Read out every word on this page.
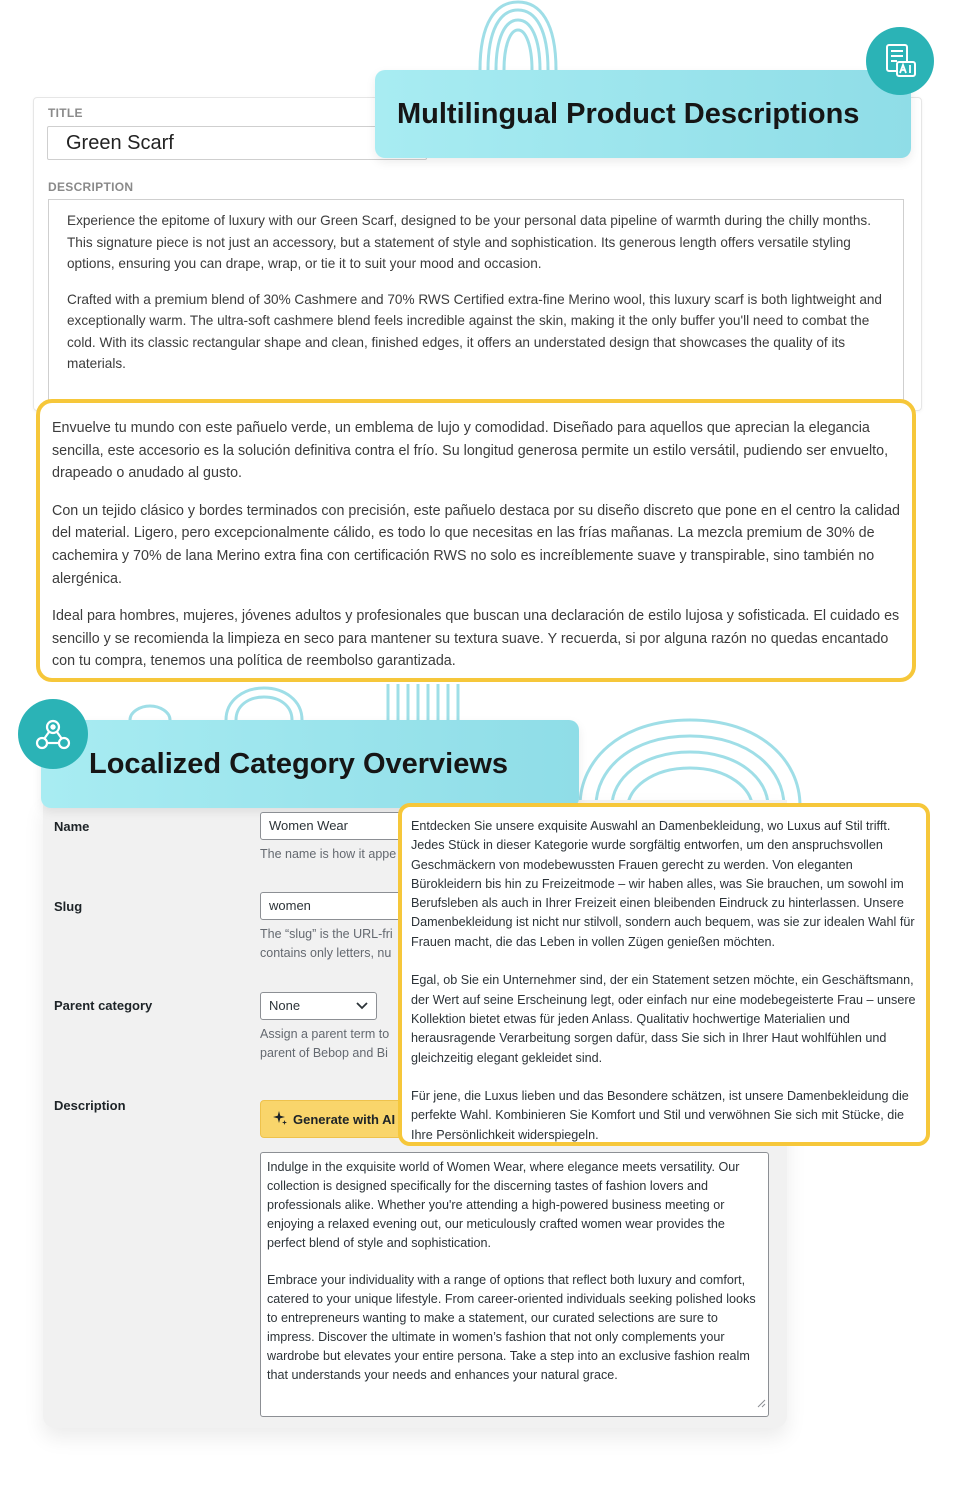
TITLE
Green Scarf
DESCRIPTION

Experience the epitome of luxury with our Green Scarf, designed to be your personal data pipeline of warmth during the chilly months. This signature piece is not just an accessory, but a statement of style and sophistication. Its generous length offers versatile styling options, ensuring you can drape, wrap, or tie it to suit your mood and occasion.

Crafted with a premium blend of 30% Cashmere and 70% RWS Certified extra-fine Merino wool, this luxury scarf is both lightweight and exceptionally warm. The ultra-soft cashmere blend feels incredible against the skin, making it the only buffer you'll need to combat the cold. With its classic rectangular shape and clean, finished edges, it offers an understated design that showcases the quality of its materials.

Multilingual Product Descriptions

Envuelve tu mundo con este pañuelo verde, un emblema de lujo y comodidad. Diseñado para aquellos que aprecian la elegancia sencilla, este accesorio es la solución definitiva contra el frío. Su longitud generosa permite un estilo versátil, pudiendo ser envuelto, drapeado o anudado al gusto.

Con un tejido clásico y bordes terminados con precisión, este pañuelo destaca por su diseño discreto que pone en el centro la calidad del material. Ligero, pero excepcionalmente cálido, es todo lo que necesitas en las frías mañanas. La mezcla premium de 30% de cachemira y 70% de lana Merino extra fina con certificación RWS no solo es increíblemente suave y transpirable, sino también no alergénica.

Ideal para hombres, mujeres, jóvenes adultos y profesionales que buscan una declaración de estilo lujosa y sofisticada. El cuidado es sencillo y se recomienda la limpieza en seco para mantener su textura suave. Y recuerda, si por alguna razón no quedas encantado con tu compra, tenemos una política de reembolso garantizada.

Localized Category Overviews
Name	Women Wear
The name is how it appe
Slug	women
The “slug” is the URL-fri
contains only letters, nu
Parent category	None
Assign a parent term to
parent of Bebop and Bi
Description
Generate with AI

Indulge in the exquisite world of Women Wear, where elegance meets versatility. Our collection is designed specifically for the discerning tastes of fashion lovers and professionals alike. Whether you're attending a high-powered business meeting or enjoying a relaxed evening out, our meticulously crafted women wear provides the perfect blend of style and sophistication.

Embrace your individuality with a range of options that reflect both luxury and comfort, catered to your unique lifestyle. From career-oriented individuals seeking polished looks to entrepreneurs wanting to make a statement, our curated selections are sure to impress. Discover the ultimate in women’s fashion that not only complements your wardrobe but elevates your entire persona. Take a step into an exclusive fashion realm that understands your needs and enhances your natural grace.

Entdecken Sie unsere exquisite Auswahl an Damenbekleidung, wo Luxus auf Stil trifft. Jedes Stück in dieser Kategorie wurde sorgfältig entworfen, um den anspruchsvollen Geschmäckern von modebewussten Frauen gerecht zu werden. Von eleganten Bürokleidern bis hin zu Freizeitmode – wir haben alles, was Sie brauchen, um sowohl im Berufsleben als auch in Ihrer Freizeit einen bleibenden Eindruck zu hinterlassen. Unsere Damenbekleidung ist nicht nur stilvoll, sondern auch bequem, was sie zur idealen Wahl für Frauen macht, die das Leben in vollen Zügen genießen möchten.

Egal, ob Sie ein Unternehmer sind, der ein Statement setzen möchte, ein Geschäftsmann, der Wert auf seine Erscheinung legt, oder einfach nur eine modebegeisterte Frau – unsere Kollektion bietet etwas für jeden Anlass. Qualitativ hochwertige Materialien und herausragende Verarbeitung sorgen dafür, dass Sie sich in Ihrer Haut wohlfühlen und gleichzeitig elegant gekleidet sind.

Für jene, die Luxus lieben und das Besondere schätzen, ist unsere Damenbekleidung die perfekte Wahl. Kombinieren Sie Komfort und Stil und verwöhnen Sie sich mit Stücke, die Ihre Persönlichkeit widerspiegeln.
